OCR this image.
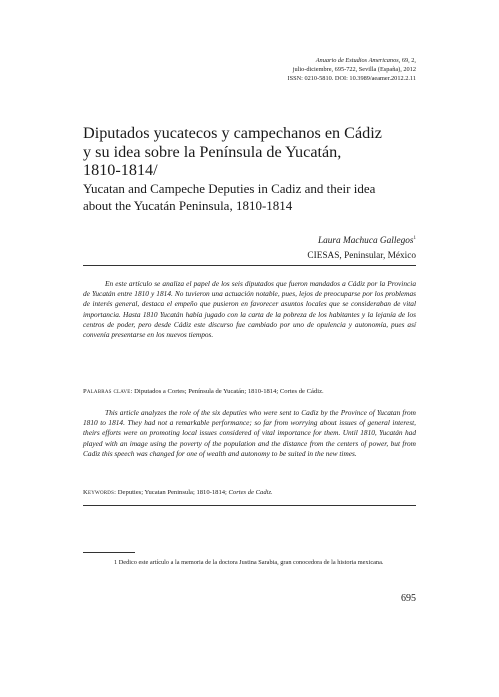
Anuario de Estudios Americanos, 69, 2,
julio-diciembre, 695-722, Sevilla (España), 2012
ISSN: 0210-5810. DOI: 10.3989/aeamer.2012.2.11
Diputados yucatecos y campechanos en Cádiz
y su idea sobre la Península de Yucatán,
1810-1814/
Yucatan and Campeche Deputies in Cadiz and their idea
about the Yucatán Peninsula, 1810-1814
Laura Machuca Gallegos$^1$
CIESAS, Peninsular, México

En este artículo se analiza el papel de los seis diputados que fueron mandados a Cádiz por la Provincia de Yucatán entre 1810 y 1814. No tuvieron una actuación notable, pues, lejos de preocuparse por los problemas de interés general, destaca el empeño que pusieron en favorecer asuntos locales que se consideraban de vital importancia. Hasta 1810 Yucatán había jugado con la carta de la pobreza de los habitantes y la lejanía de los centros de poder, pero desde Cádiz este discurso fue cambiado por uno de opulencia y autonomía, pues así convenía presentarse en los nuevos tiempos.

Palabras clave: Diputados a Cortes; Península de Yucatán; 1810-1814; Cortes de Cádiz.

This article analyzes the role of the six deputies who were sent to Cadiz by the Province of Yucatan from 1810 to 1814. They had not a remarkable performance; so far from worrying about issues of general interest, theirs efforts were on promoting local issues considered of vital importance for them. Until 1810, Yucatán had played with an image using the poverty of the population and the distance from the centers of power, but from Cadiz this speech was changed for one of wealth and autonomy to be suited in the new times.

Keywords: Deputies; Yucatan Peninsula; 1810-1814; Cortes de Cadiz.

1 Dedico este artículo a la memoria de la doctora Justina Sarabia, gran conocedora de la historia mexicana.

695
